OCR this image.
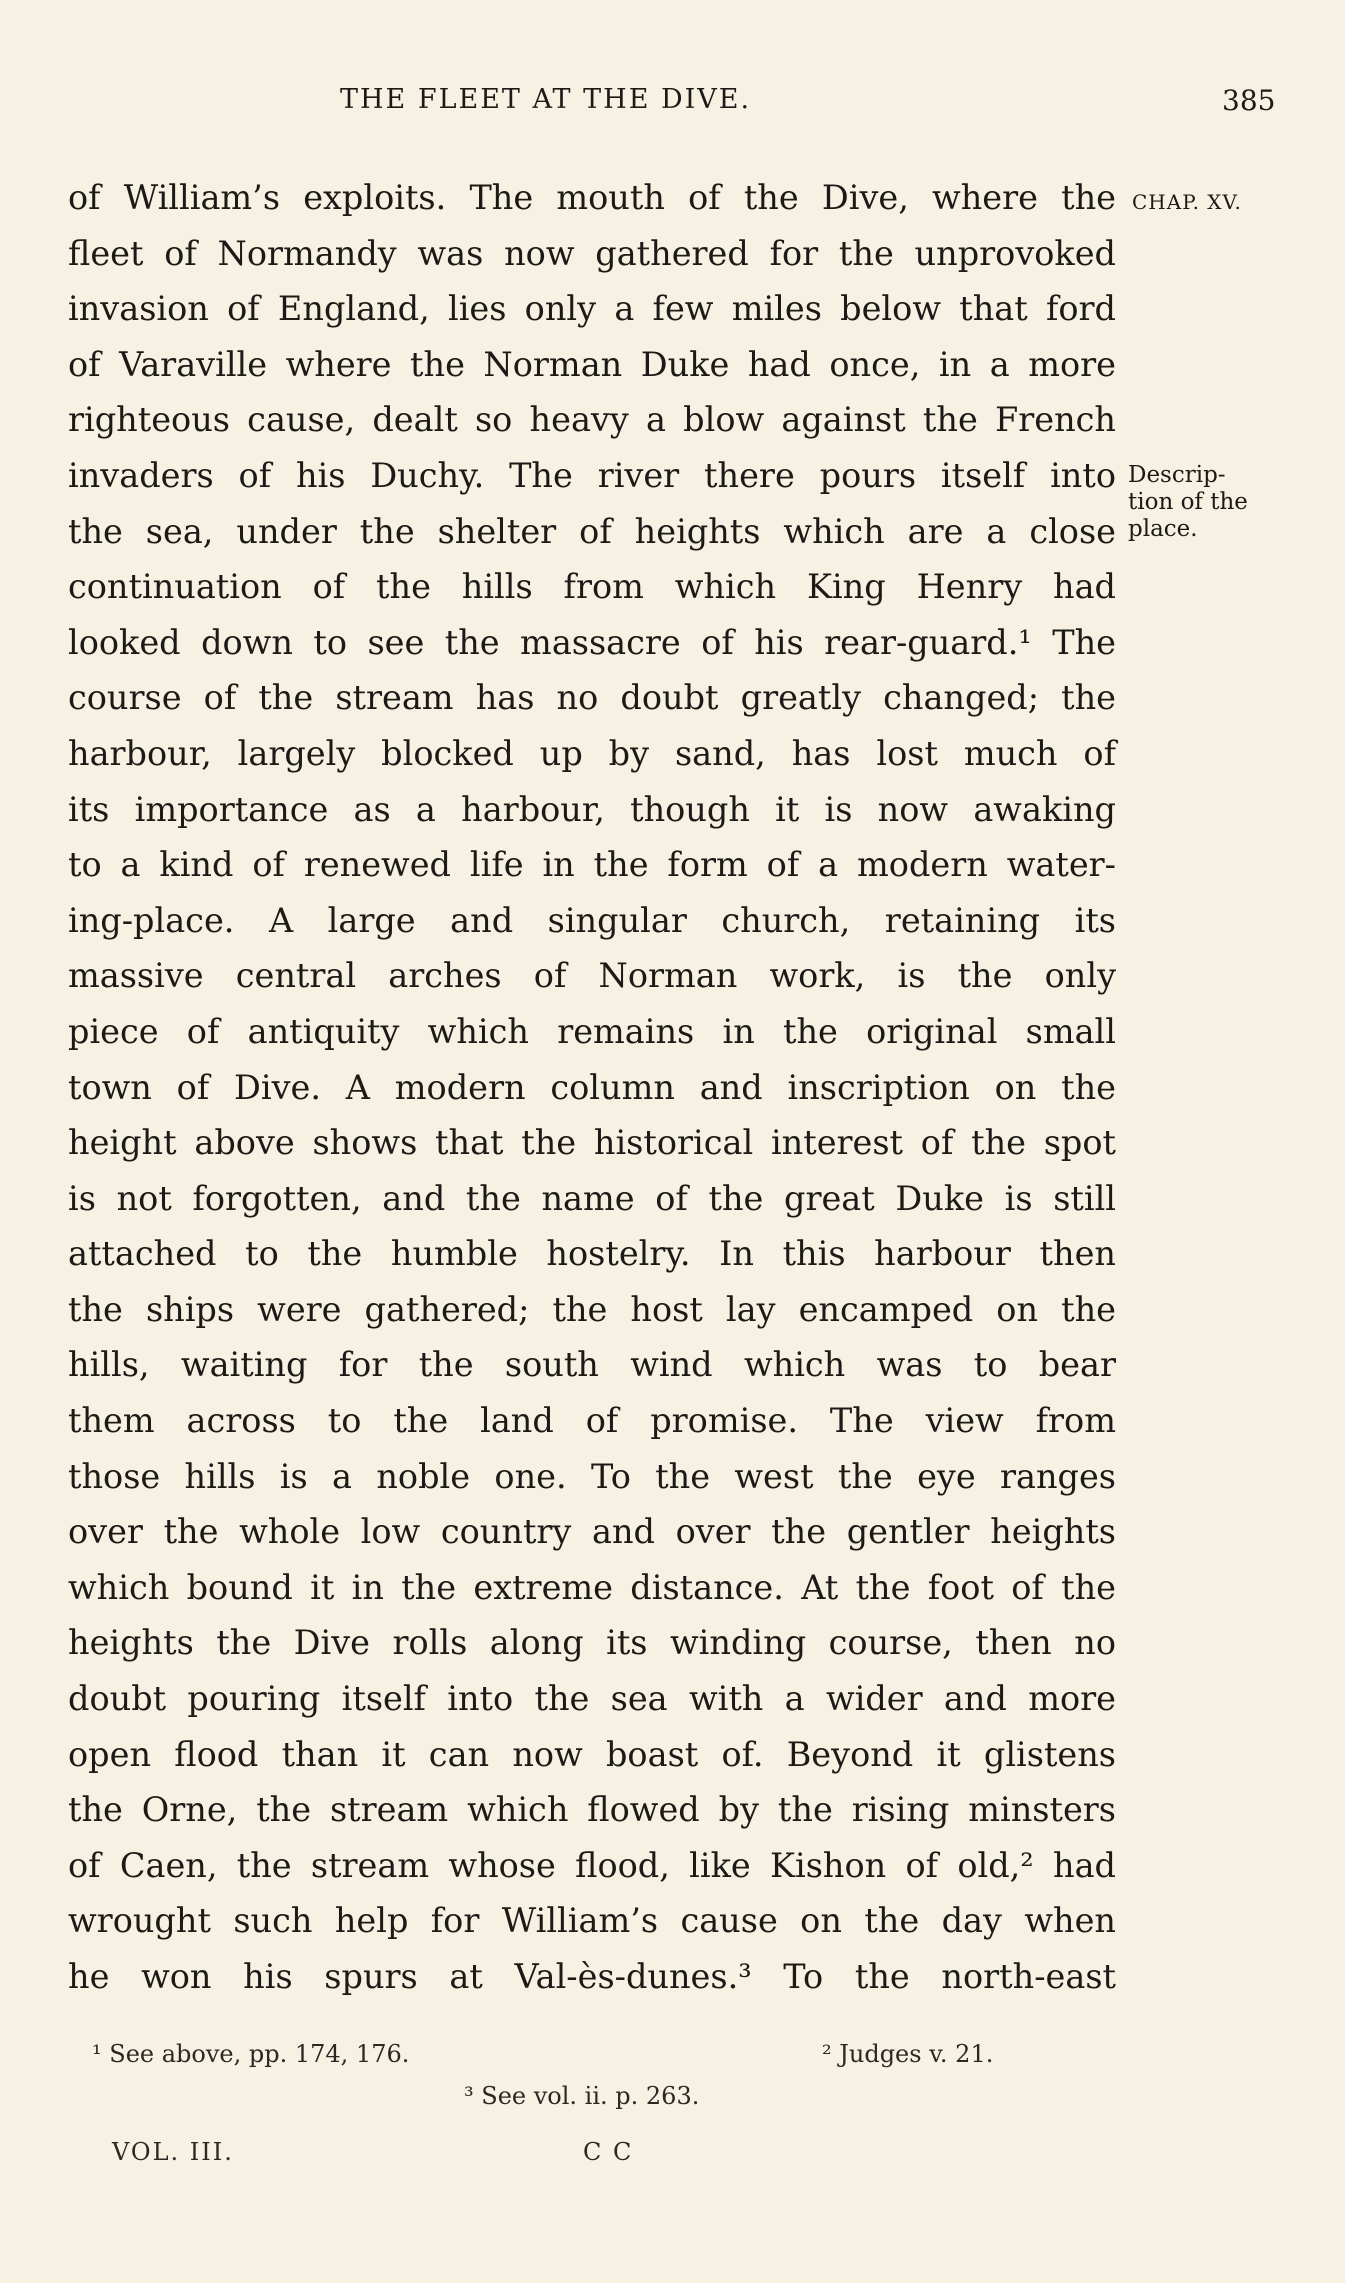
THE FLEET AT THE DIVE.	385
CHAP. XV.
Descrip-
tion of the
place.
of William’s exploits. The mouth of the Dive, where the
fleet of Normandy was now gathered for the unprovoked
invasion of England, lies only a few miles below that ford
of Varaville where the Norman Duke had once, in a more
righteous cause, dealt so heavy a blow against the French
invaders of his Duchy. The river there pours itself into
the sea, under the shelter of heights which are a close
continuation of the hills from which King Henry had
looked down to see the massacre of his rear-guard.¹ The
course of the stream has no doubt greatly changed; the
harbour, largely blocked up by sand, has lost much of
its importance as a harbour, though it is now awaking
to a kind of renewed life in the form of a modern water-
ing-place. A large and singular church, retaining its
massive central arches of Norman work, is the only
piece of antiquity which remains in the original small
town of Dive. A modern column and inscription on the
height above shows that the historical interest of the spot
is not forgotten, and the name of the great Duke is still
attached to the humble hostelry. In this harbour then
the ships were gathered; the host lay encamped on the
hills, waiting for the south wind which was to bear
them across to the land of promise. The view from
those hills is a noble one. To the west the eye ranges
over the whole low country and over the gentler heights
which bound it in the extreme distance. At the foot of the
heights the Dive rolls along its winding course, then no
doubt pouring itself into the sea with a wider and more
open flood than it can now boast of. Beyond it glistens
the Orne, the stream which flowed by the rising minsters
of Caen, the stream whose flood, like Kishon of old,² had
wrought such help for William’s cause on the day when
he won his spurs at Val-ès-dunes.³ To the north-east
¹ See above, pp. 174, 176.	² Judges v. 21.
³ See vol. ii. p. 263.
VOL. III.	C C
